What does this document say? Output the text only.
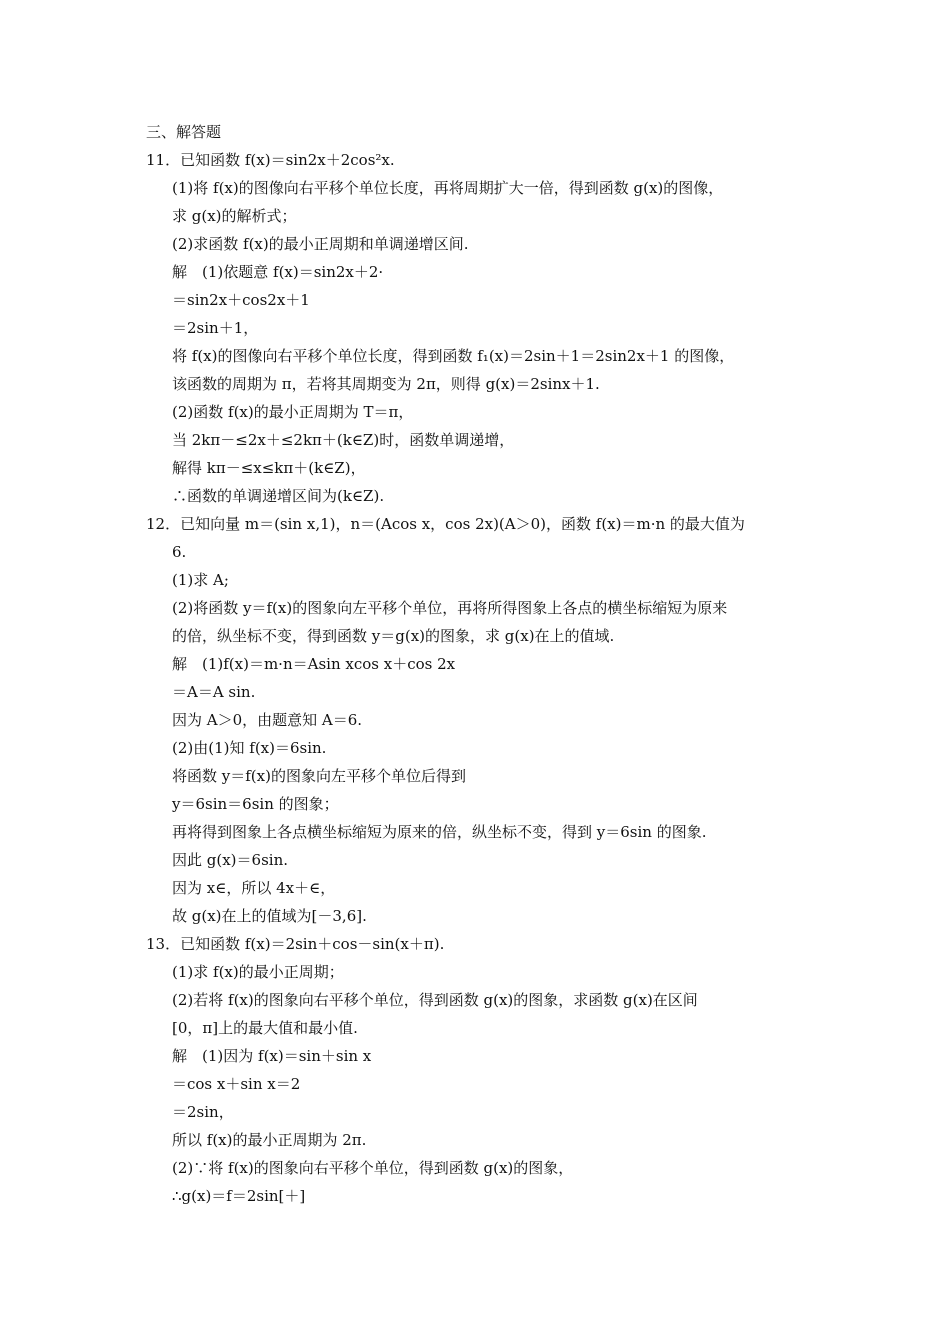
三、解答题
11．已知函数 f(x)＝sin2x＋2cos²x.
(1)将 f(x)的图像向右平移个单位长度，再将周期扩大一倍，得到函数 g(x)的图像，
求 g(x)的解析式；
(2)求函数 f(x)的最小正周期和单调递增区间.
解　(1)依题意 f(x)＝sin2x＋2·
＝sin2x＋cos2x＋1
＝2sin＋1，
将 f(x)的图像向右平移个单位长度，得到函数 f₁(x)＝2sin＋1＝2sin2x＋1 的图像，
该函数的周期为 π，若将其周期变为 2π，则得 g(x)＝2sinx＋1.
(2)函数 f(x)的最小正周期为 T＝π，
当 2kπ－≤2x＋≤2kπ＋(k∈Z)时，函数单调递增，
解得 kπ－≤x≤kπ＋(k∈Z)，
∴函数的单调递增区间为(k∈Z).
12．已知向量 m＝(sin x,1)，n＝(Acos x，cos 2x)(A＞0)，函数 f(x)＝m·n 的最大值为
6.
(1)求 A;
(2)将函数 y＝f(x)的图象向左平移个单位，再将所得图象上各点的横坐标缩短为原来
的倍，纵坐标不变，得到函数 y＝g(x)的图象，求 g(x)在上的值域.
解　(1)f(x)＝m·n＝Asin xcos x＋cos 2x
＝A＝A sin.
因为 A＞0，由题意知 A＝6.
(2)由(1)知 f(x)＝6sin.
将函数 y＝f(x)的图象向左平移个单位后得到
y＝6sin＝6sin 的图象；
再将得到图象上各点横坐标缩短为原来的倍，纵坐标不变，得到 y＝6sin 的图象.
因此 g(x)＝6sin.
因为 x∈，所以 4x＋∈，
故 g(x)在上的值域为[－3,6].
13．已知函数 f(x)＝2sin＋cos－sin(x＋π).
(1)求 f(x)的最小正周期；
(2)若将 f(x)的图象向右平移个单位，得到函数 g(x)的图象，求函数 g(x)在区间
[0，π]上的最大值和最小值.
解　(1)因为 f(x)＝sin＋sin x
＝cos x＋sin x＝2
＝2sin，
所以 f(x)的最小正周期为 2π.
(2)∵将 f(x)的图象向右平移个单位，得到函数 g(x)的图象，
∴g(x)＝f＝2sin[＋]
